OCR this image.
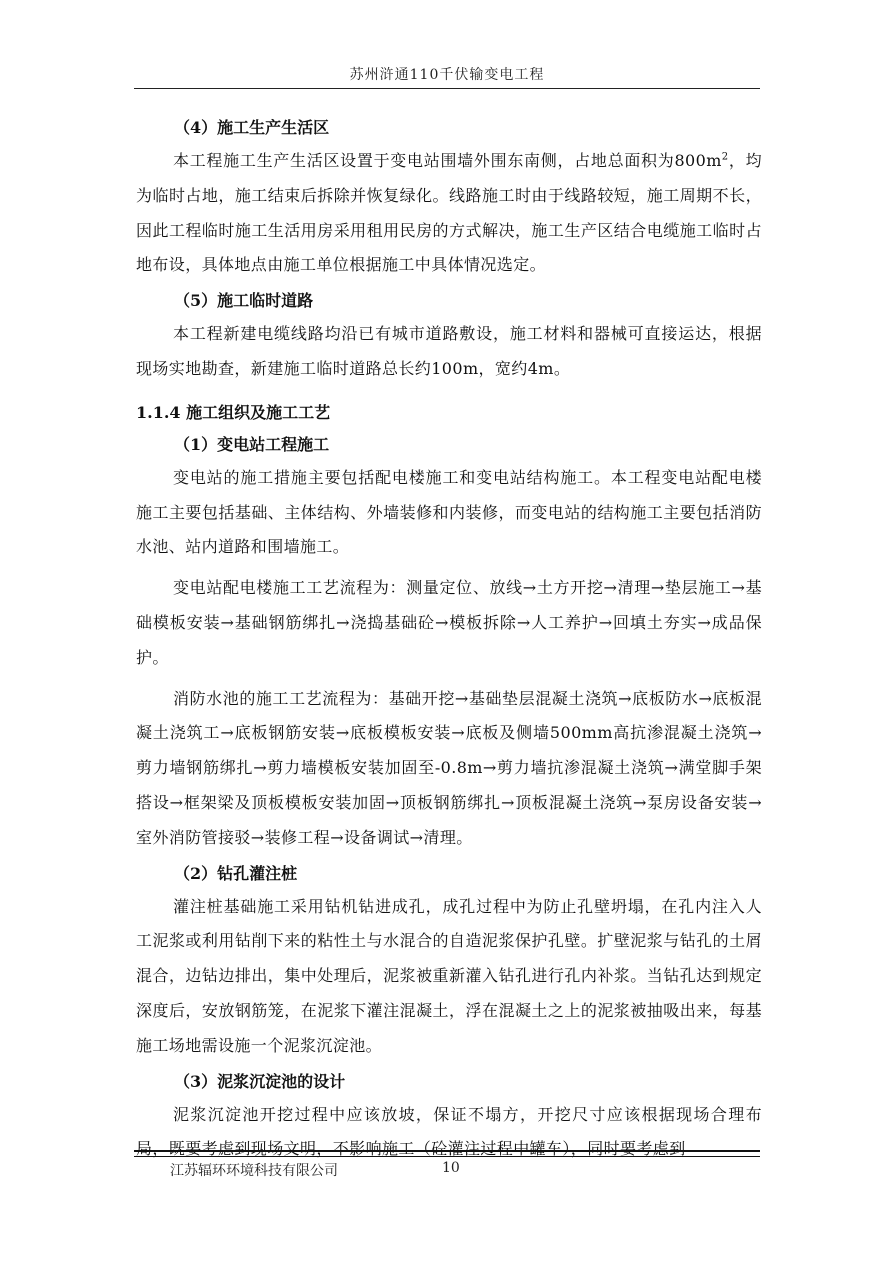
苏州浒通110千伏输变电工程
（4）施工生产生活区

本工程施工生产生活区设置于变电站围墙外围东南侧，占地总面积为$800m^2$，均为临时占地，施工结束后拆除并恢复绿化。线路施工时由于线路较短，施工周期不长，因此工程临时施工生活用房采用租用民房的方式解决，施工生产区结合电缆施工临时占地布设，具体地点由施工单位根据施工中具体情况选定。

（5）施工临时道路

本工程新建电缆线路均沿已有城市道路敷设，施工材料和器械可直接运达，根据现场实地勘查，新建施工临时道路总长约100m，宽约4m。

1.1.4 施工组织及施工工艺
（1）变电站工程施工

变电站的施工措施主要包括配电楼施工和变电站结构施工。本工程变电站配电楼施工主要包括基础、主体结构、外墙装修和内装修，而变电站的结构施工主要包括消防水池、站内道路和围墙施工。

变电站配电楼施工工艺流程为：测量定位、放线→土方开挖→清理→垫层施工→基础模板安装→基础钢筋绑扎→浇捣基础砼→模板拆除→人工养护→回填土夯实→成品保护。

消防水池的施工工艺流程为：基础开挖→基础垫层混凝土浇筑→底板防水→底板混凝土浇筑工→底板钢筋安装→底板模板安装→底板及侧墙500mm高抗渗混凝土浇筑→剪力墙钢筋绑扎→剪力墙模板安装加固至-0.8m→剪力墙抗渗混凝土浇筑→满堂脚手架搭设→框架梁及顶板模板安装加固→顶板钢筋绑扎→顶板混凝土浇筑→泵房设备安装→室外消防管接驳→装修工程→设备调试→清理。

（2）钻孔灌注桩

灌注桩基础施工采用钻机钻进成孔，成孔过程中为防止孔壁坍塌，在孔内注入人工泥浆或利用钻削下来的粘性土与水混合的自造泥浆保护孔壁。扩壁泥浆与钻孔的土屑混合，边钻边排出，集中处理后，泥浆被重新灌入钻孔进行孔内补浆。当钻孔达到规定深度后，安放钢筋笼，在泥浆下灌注混凝土，浮在混凝土之上的泥浆被抽吸出来，每基施工场地需设施一个泥浆沉淀池。

（3）泥浆沉淀池的设计

泥浆沉淀池开挖过程中应该放坡，保证不塌方，开挖尺寸应该根据现场合理布局，既要考虑到现场文明，不影响施工（砼灌注过程中罐车），同时要考虑到

江苏辐环环境科技有限公司	10
